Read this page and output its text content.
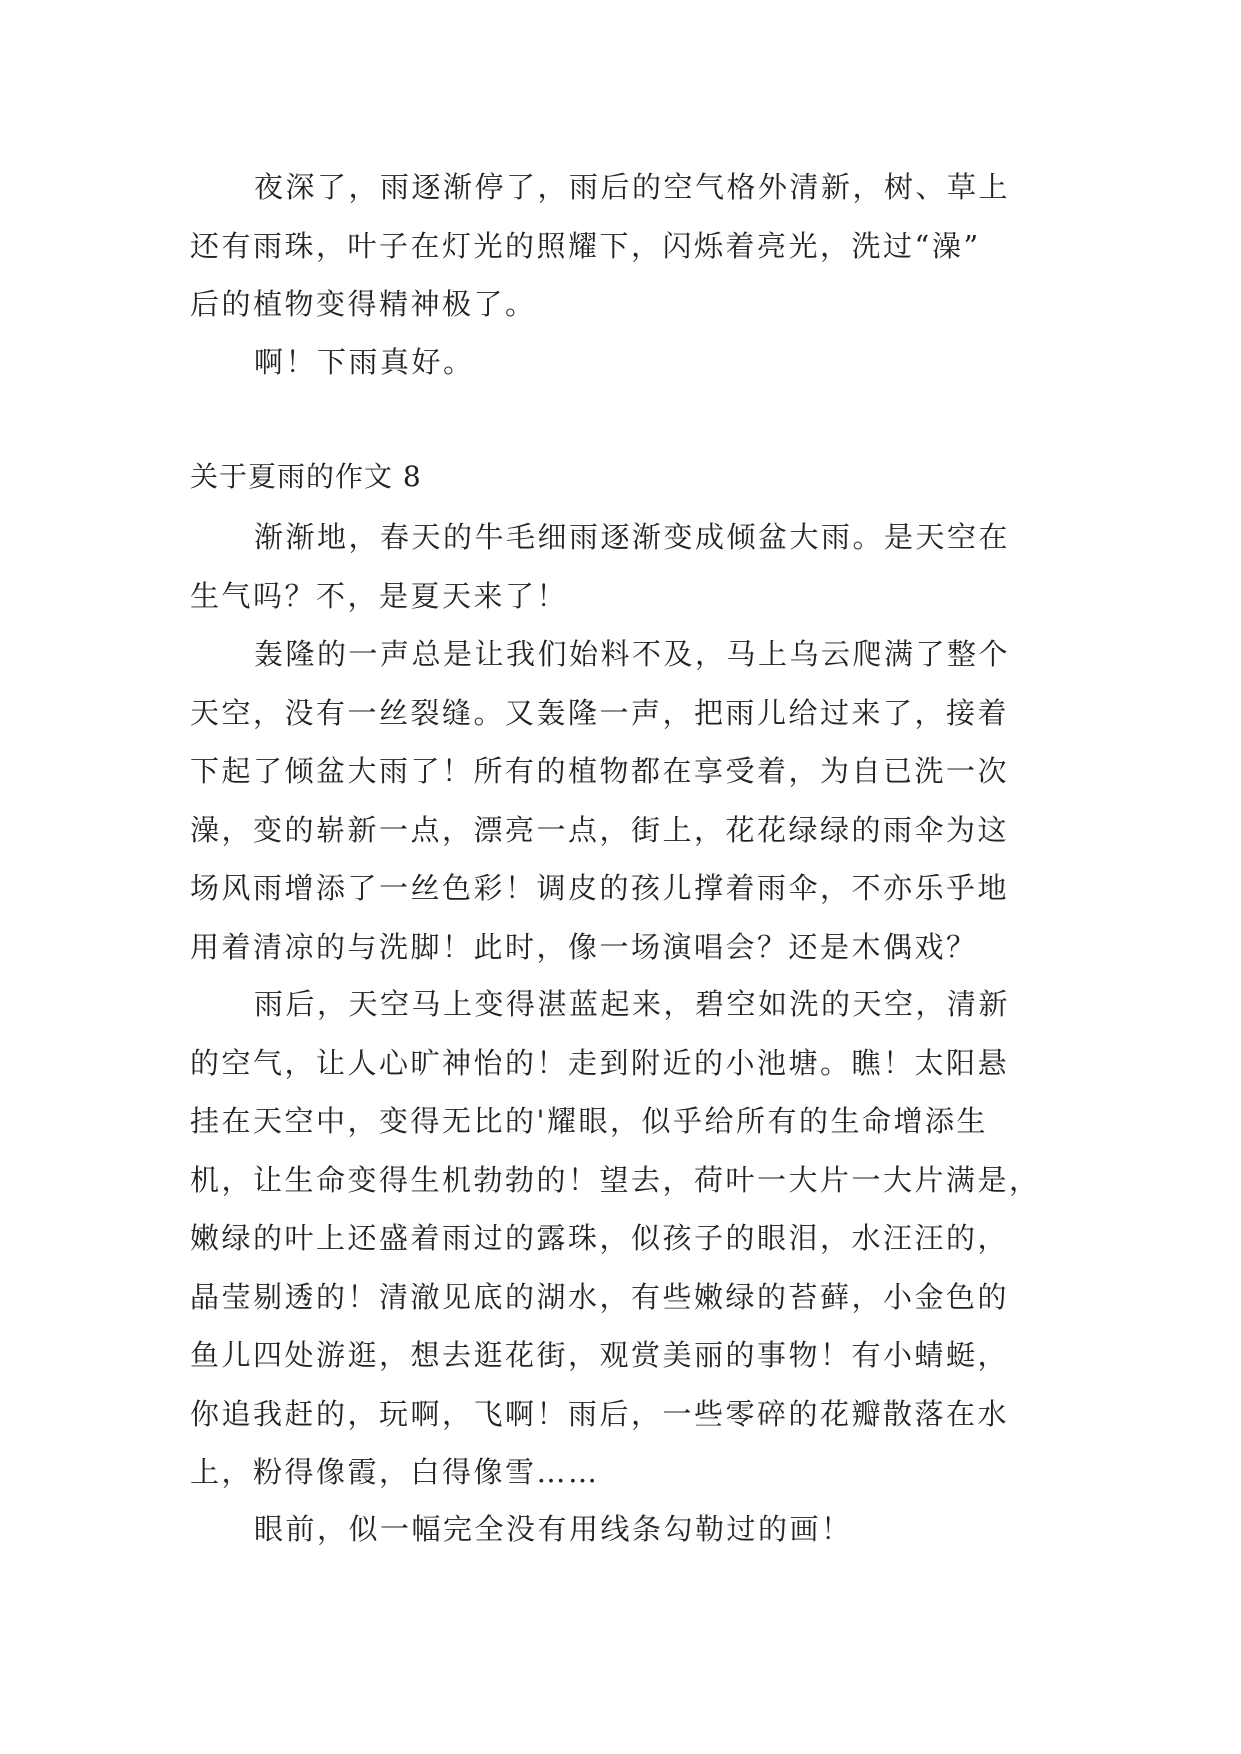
夜深了，雨逐渐停了，雨后的空气格外清新，树、草上
还有雨珠，叶子在灯光的照耀下，闪烁着亮光，洗过“澡”
后的植物变得精神极了。
啊！下雨真好。
关于夏雨的作文 8
渐渐地，春天的牛毛细雨逐渐变成倾盆大雨。是天空在
生气吗？不，是夏天来了！
轰隆的一声总是让我们始料不及，马上乌云爬满了整个
天空，没有一丝裂缝。又轰隆一声，把雨儿给过来了，接着
下起了倾盆大雨了！所有的植物都在享受着，为自已洗一次
澡，变的崭新一点，漂亮一点，街上，花花绿绿的雨伞为这
场风雨增添了一丝色彩！调皮的孩儿撑着雨伞，不亦乐乎地
用着清凉的与洗脚！此时，像一场演唱会？还是木偶戏？
雨后，天空马上变得湛蓝起来，碧空如洗的天空，清新
的空气，让人心旷神怡的！走到附近的小池塘。瞧！太阳悬
挂在天空中，变得无比的'耀眼，似乎给所有的生命增添生
机，让生命变得生机勃勃的！望去，荷叶一大片一大片满是，
嫩绿的叶上还盛着雨过的露珠，似孩子的眼泪，水汪汪的，
晶莹剔透的！清澈见底的湖水，有些嫩绿的苔藓，小金色的
鱼儿四处游逛，想去逛花街，观赏美丽的事物！有小蜻蜓，
你追我赶的，玩啊，飞啊！雨后，一些零碎的花瓣散落在水
上，粉得像霞，白得像雪……
眼前，似一幅完全没有用线条勾勒过的画！
